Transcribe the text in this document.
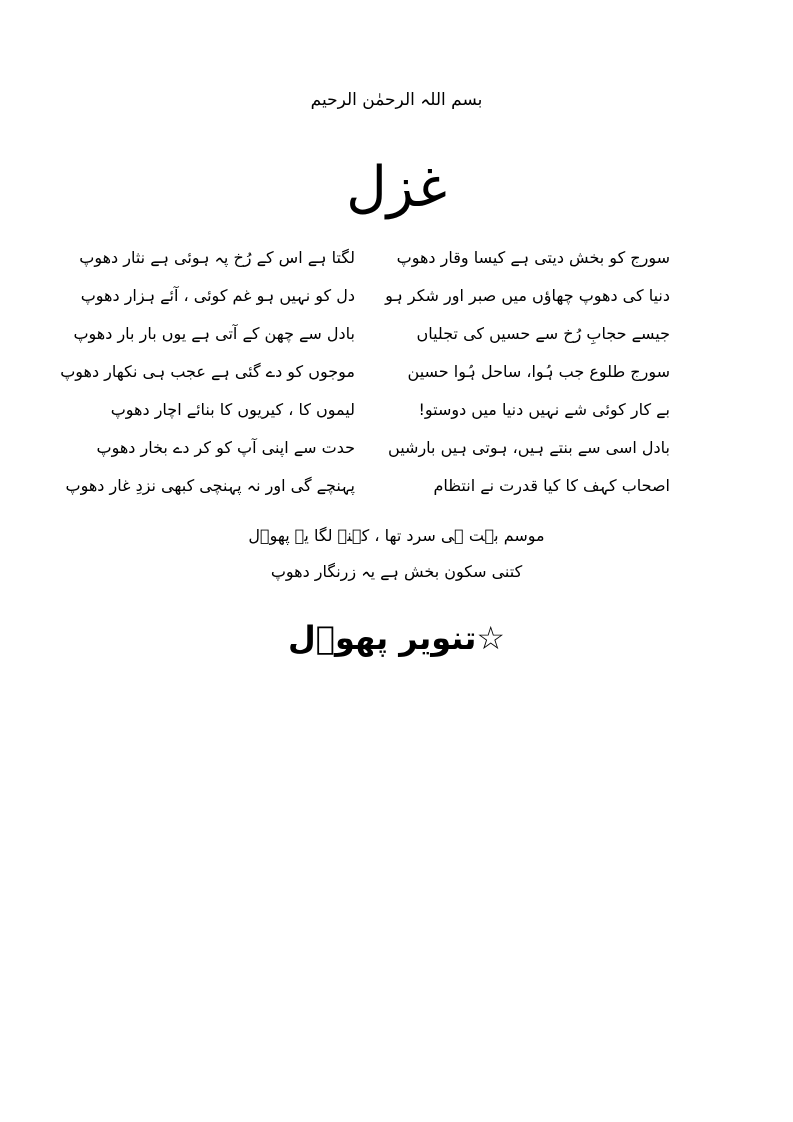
بسم اللہ الرحمٰن الرحیم
غزل
سورج کو بخش دیتی ہے کیسا وقار دھوپ
لگتا ہے اس کے رُخ پہ ہوئی ہے نثار دھوپ
دنیا کی دھوپ چھاؤں میں صبر اور شکر ہو
دل کو نہیں ہو غم کوئی ، آئے ہزار دھوپ
جیسے حجابِ رُخ سے حسیں کی تجلیاں
بادل سے چھن کے آتی ہے یوں بار بار دھوپ
سورج طلوع جب ہُوا، ساحل ہُوا حسین
موجوں کو دے گئی ہے عجب ہی نکھار دھوپ
بے کار کوئی شے نہیں دنیا میں دوستو!
لیموں کا ، کیریوں کا بنائے اچار دھوپ
بادل اسی سے بنتے ہیں، ہوتی ہیں بارشیں
حدت سے اپنی آپ کو کر دے بخار دھوپ
اصحاب کہف کا کیا قدرت نے انتظام
پہنچے گی اور نہ پہنچی کبھی نزدِ غار دھوپ
موسم بہت ہی سرد تھا ، کہنے لگا یہ پھوؔل
کتنی سکون بخش ہے یہ زرنگار دھوپ
☆تنویر پھوؔل
